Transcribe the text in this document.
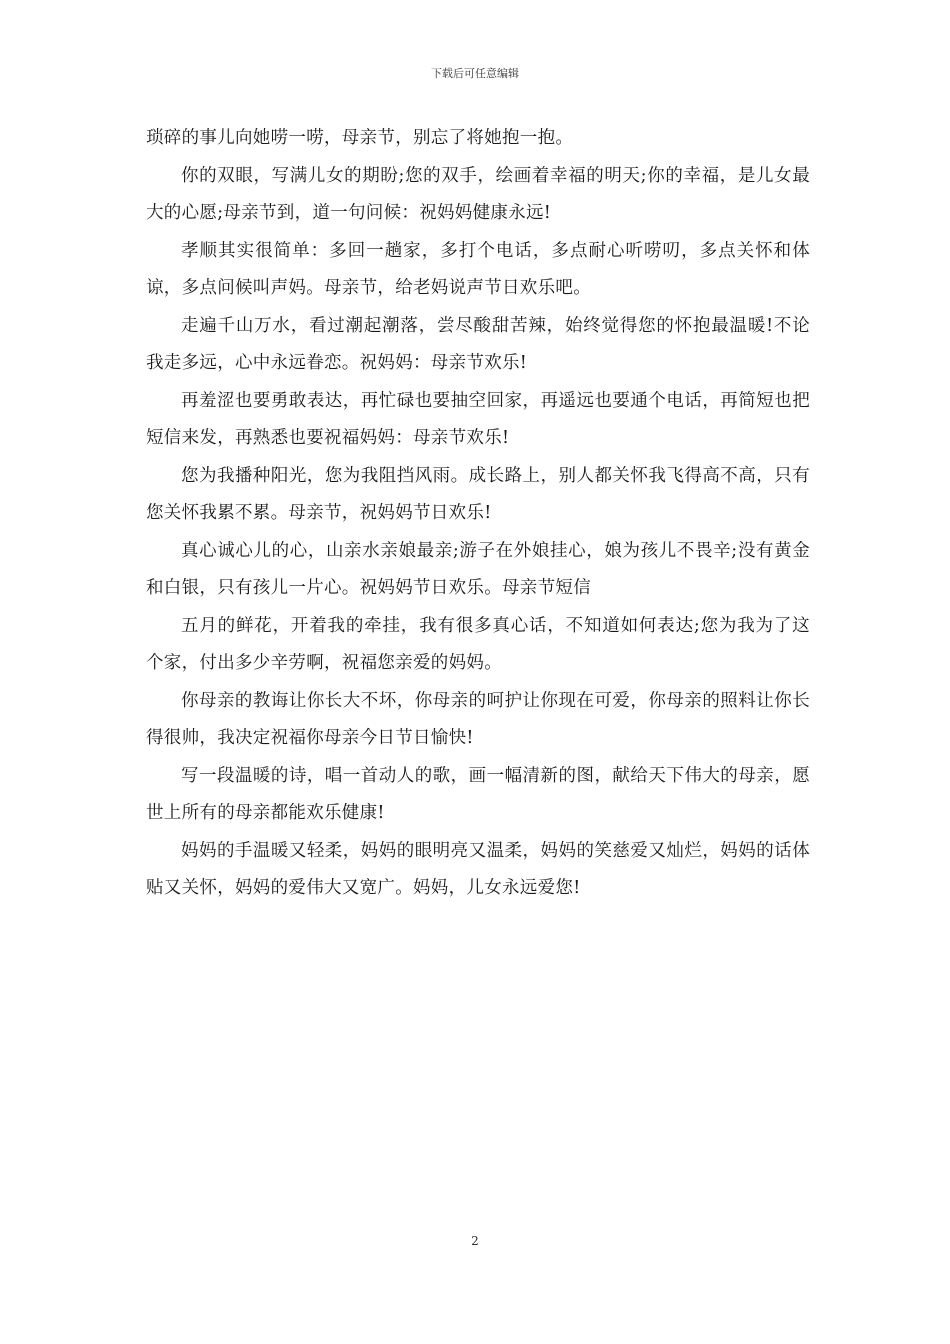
下载后可任意编辑

琐碎的事儿向她唠一唠，母亲节，别忘了将她抱一抱。

你的双眼，写满儿女的期盼;您的双手，绘画着幸福的明天;你的幸福，是儿女最大的心愿;母亲节到，道一句问候：祝妈妈健康永远!

孝顺其实很简单：多回一趟家，多打个电话，多点耐心听唠叨，多点关怀和体谅，多点问候叫声妈。母亲节，给老妈说声节日欢乐吧。

走遍千山万水，看过潮起潮落，尝尽酸甜苦辣，始终觉得您的怀抱最温暖!不论我走多远，心中永远眷恋。祝妈妈：母亲节欢乐!

再羞涩也要勇敢表达，再忙碌也要抽空回家，再遥远也要通个电话，再简短也把短信来发，再熟悉也要祝福妈妈：母亲节欢乐!

您为我播种阳光，您为我阻挡风雨。成长路上，别人都关怀我飞得高不高，只有您关怀我累不累。母亲节，祝妈妈节日欢乐!

真心诚心儿的心，山亲水亲娘最亲;游子在外娘挂心，娘为孩儿不畏辛;没有黄金和白银，只有孩儿一片心。祝妈妈节日欢乐。母亲节短信

五月的鲜花，开着我的牵挂，我有很多真心话，不知道如何表达;您为我为了这个家，付出多少辛劳啊，祝福您亲爱的妈妈。

你母亲的教诲让你长大不坏，你母亲的呵护让你现在可爱，你母亲的照料让你长得很帅，我决定祝福你母亲今日节日愉快!

写一段温暖的诗，唱一首动人的歌，画一幅清新的图，献给天下伟大的母亲，愿世上所有的母亲都能欢乐健康!

妈妈的手温暖又轻柔，妈妈的眼明亮又温柔，妈妈的笑慈爱又灿烂，妈妈的话体贴又关怀，妈妈的爱伟大又宽广。妈妈，儿女永远爱您!

2
